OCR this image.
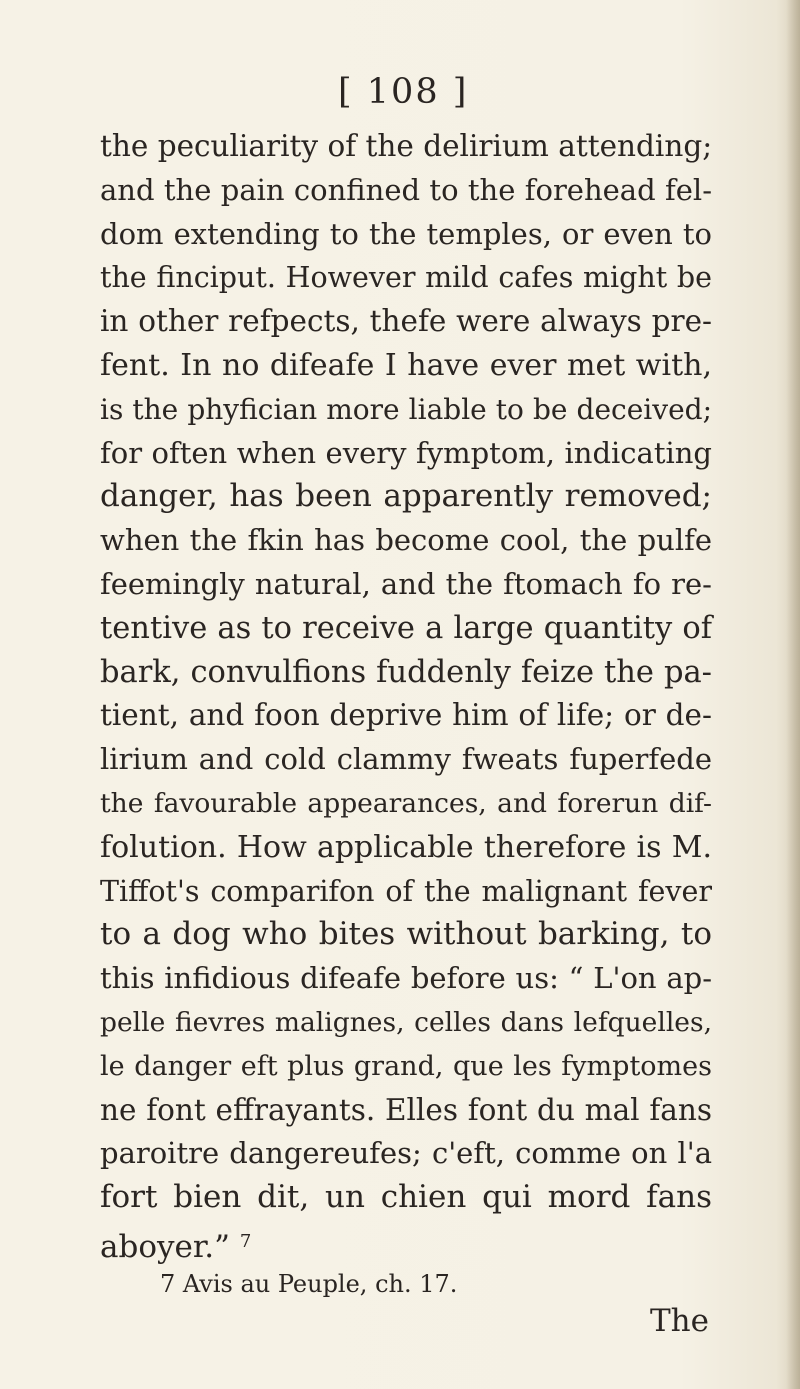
[ 108 ]
the peculiarity of the delirium attending;
and the pain confined to the forehead fel-
dom extending to the temples, or even to
the finciput. However mild cafes might be
in other refpects, thefe were always pre-
fent. In no difeafe I have ever met with,
is the phyfician more liable to be deceived;
for often when every fymptom, indicating
danger, has been apparently removed;
when the fkin has become cool, the pulfe
feemingly natural, and the ftomach fo re-
tentive as to receive a large quantity of
bark, convulfions fuddenly feize the pa-
tient, and foon deprive him of life; or de-
lirium and cold clammy fweats fuperfede
the favourable appearances, and forerun dif-
folution. How applicable therefore is M.
Tiffot's comparifon of the malignant fever
to a dog who bites without barking, to
this infidious difeafe before us: “ L'on ap-
pelle fievres malignes, celles dans lefquelles,
le danger eft plus grand, que les fymptomes
ne font effrayants. Elles font du mal fans
paroitre dangereufes; c'eft, comme on l'a
fort bien dit, un chien qui mord fans
aboyer.” $^7$
7 Avis au Peuple, ch. 17.
The
